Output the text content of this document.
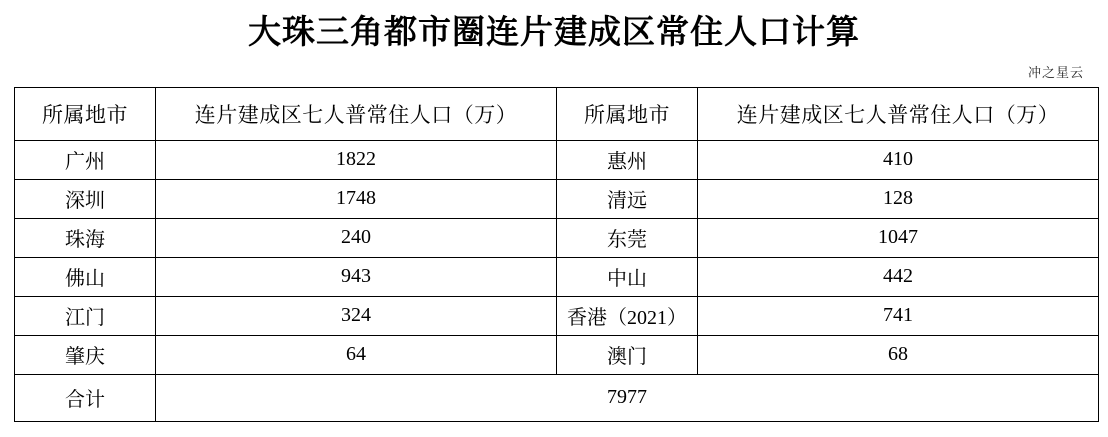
大珠三角都市圈连片建成区常住人口计算
冲之星云
所属地市	连片建成区七人普常住人口（万）	所属地市	连片建成区七人普常住人口（万）
广州	1822	惠州	410
深圳	1748	清远	128
珠海	240	东莞	1047
佛山	943	中山	442
江门	324	香港（2021）	741
肇庆	64	澳门	68
合计	7977		
